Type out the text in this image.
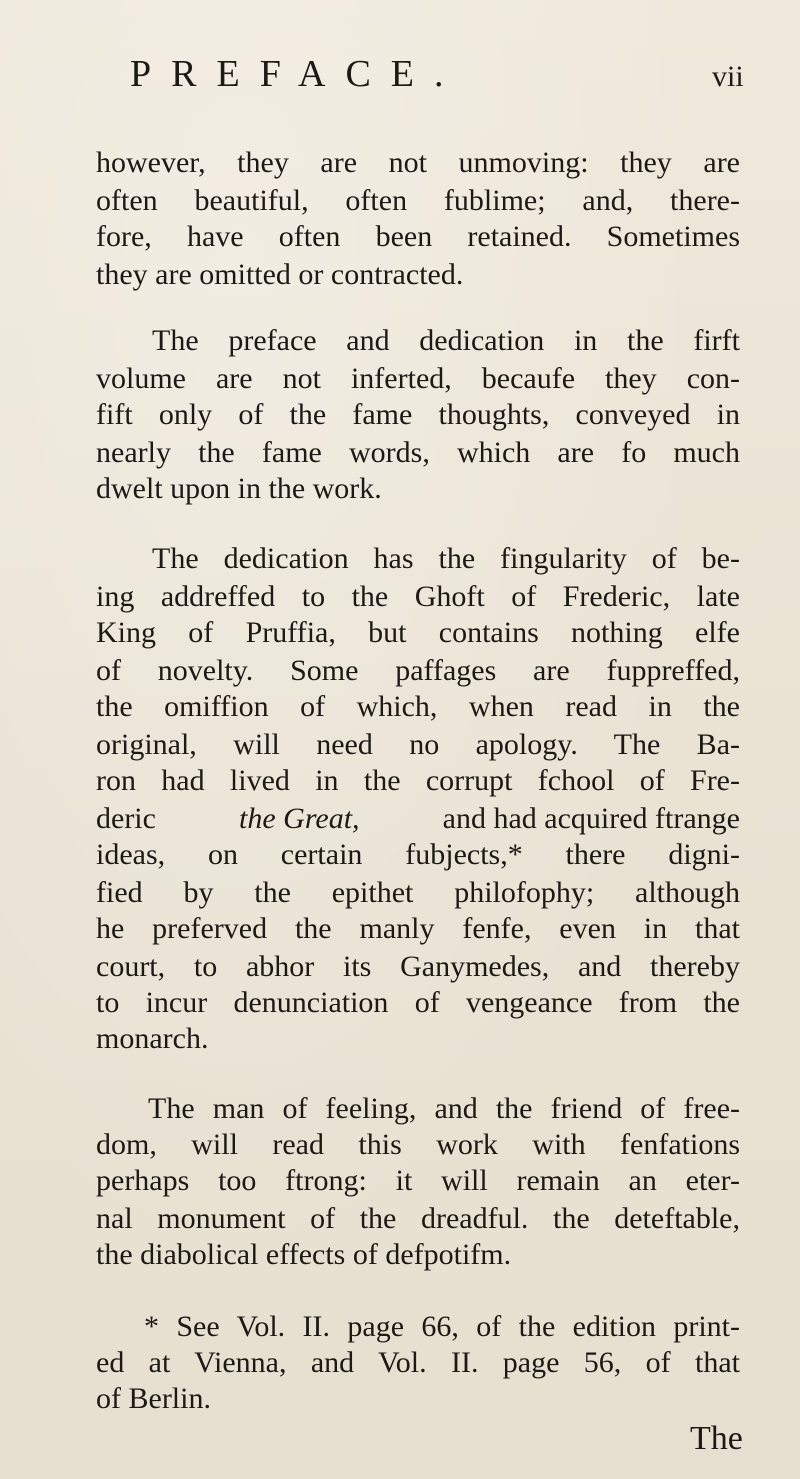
PREFACE.	vii
however, they are not unmoving: they are
often beautiful, often fublime; and, there-
fore, have often been retained. Sometimes
they are omitted or contracted.
The preface and dedication in the firft
volume are not inferted, becaufe they con-
fift only of the fame thoughts, conveyed in
nearly the fame words, which are fo much
dwelt upon in the work.
The dedication has the fingularity of be-
ing addreffed to the Ghoft of Frederic, late
King of Pruffia, but contains nothing elfe
of novelty. Some paffages are fuppreffed,
the omiffion of which, when read in the
original, will need no apology. The Ba-
ron had lived in the corrupt fchool of Fre-
deric	the Great,	and had acquired ftrange
ideas, on certain fubjects,* there digni-
fied by the epithet philofophy; although
he preferved the manly fenfe, even in that
court, to abhor its Ganymedes, and thereby
to incur denunciation of vengeance from the
monarch.
The man of feeling, and the friend of free-
dom, will read this work with fenfations
perhaps too ftrong: it will remain an eter-
nal monument of the dreadful. the deteftable,
the diabolical effects of defpotifm.
* See Vol. II. page 66, of the edition print-
ed at Vienna, and Vol. II. page 56, of that
of Berlin.
The
